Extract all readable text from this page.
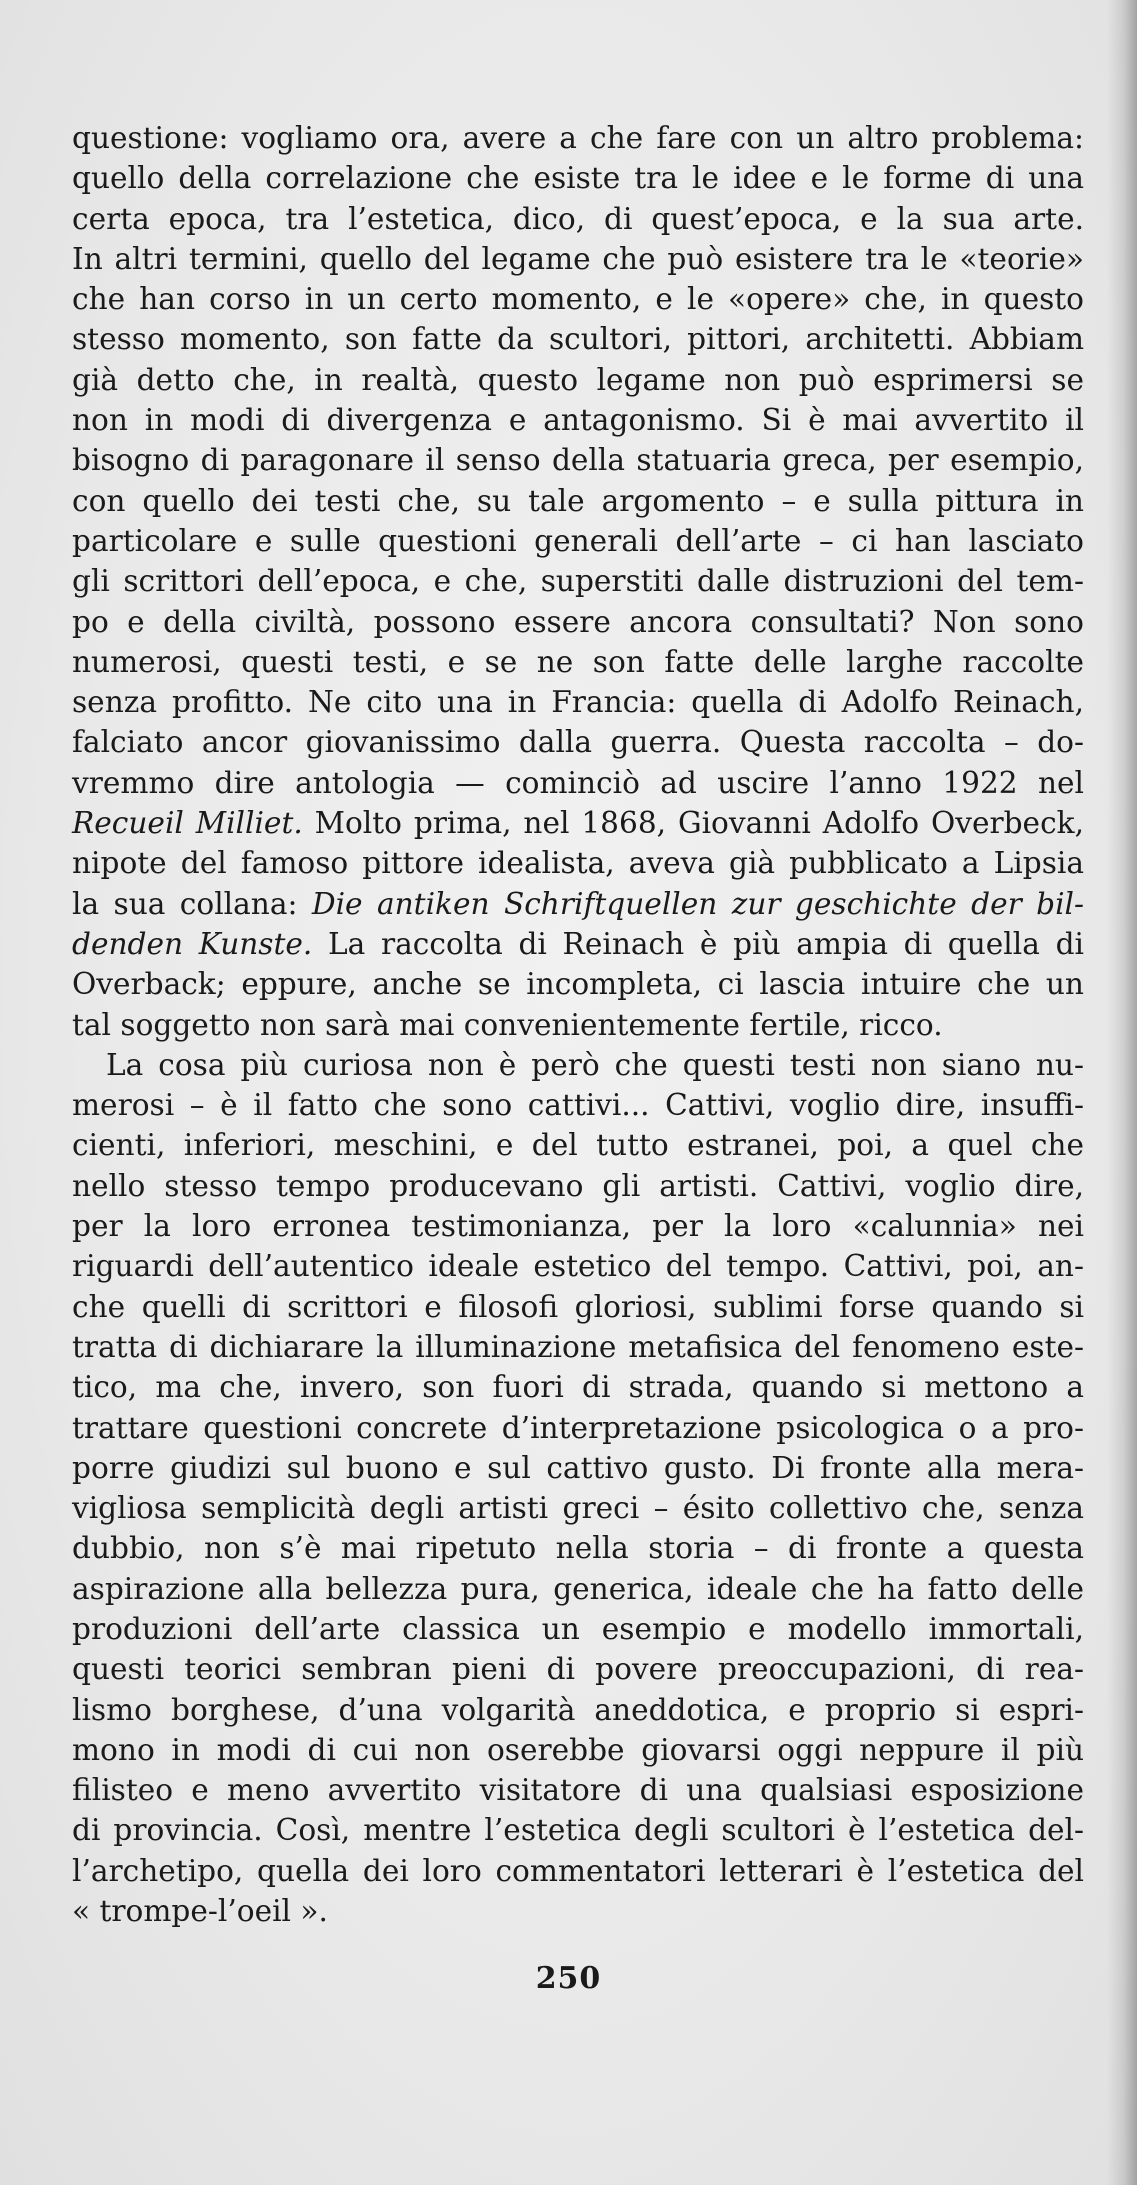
questione: vogliamo ora, avere a che fare con un altro problema:
quello della correlazione che esiste tra le idee e le forme di una
certa epoca, tra l’estetica, dico, di quest’epoca, e la sua arte.
In altri termini, quello del legame che può esistere tra le «teorie»
che han corso in un certo momento, e le «opere» che, in questo
stesso momento, son fatte da scultori, pittori, architetti. Abbiam
già detto che, in realtà, questo legame non può esprimersi se
non in modi di divergenza e antagonismo. Si è mai avvertito il
bisogno di paragonare il senso della statuaria greca, per esempio,
con quello dei testi che, su tale argomento – e sulla pittura in
particolare e sulle questioni generali dell’arte – ci han lasciato
gli scrittori dell’epoca, e che, superstiti dalle distruzioni del tem-
po e della civiltà, possono essere ancora consultati? Non sono
numerosi, questi testi, e se ne son fatte delle larghe raccolte
senza profitto. Ne cito una in Francia: quella di Adolfo Reinach,
falciato ancor giovanissimo dalla guerra. Questa raccolta – do-
vremmo dire antologia — cominciò ad uscire l’anno 1922 nel
Recueil Milliet. Molto prima, nel 1868, Giovanni Adolfo Overbeck,
nipote del famoso pittore idealista, aveva già pubblicato a Lipsia
la sua collana: Die antiken Schriftquellen zur geschichte der bil-
denden Kunste. La raccolta di Reinach è più ampia di quella di
Overback; eppure, anche se incompleta, ci lascia intuire che un
tal soggetto non sarà mai convenientemente fertile, ricco.
La cosa più curiosa non è però che questi testi non siano nu-
merosi – è il fatto che sono cattivi... Cattivi, voglio dire, insuffi-
cienti, inferiori, meschini, e del tutto estranei, poi, a quel che
nello stesso tempo producevano gli artisti. Cattivi, voglio dire,
per la loro erronea testimonianza, per la loro «calunnia» nei
riguardi dell’autentico ideale estetico del tempo. Cattivi, poi, an-
che quelli di scrittori e filosofi gloriosi, sublimi forse quando si
tratta di dichiarare la illuminazione metafisica del fenomeno este-
tico, ma che, invero, son fuori di strada, quando si mettono a
trattare questioni concrete d’interpretazione psicologica o a pro-
porre giudizi sul buono e sul cattivo gusto. Di fronte alla mera-
vigliosa semplicità degli artisti greci – ésito collettivo che, senza
dubbio, non s’è mai ripetuto nella storia – di fronte a questa
aspirazione alla bellezza pura, generica, ideale che ha fatto delle
produzioni dell’arte classica un esempio e modello immortali,
questi teorici sembran pieni di povere preoccupazioni, di rea-
lismo borghese, d’una volgarità aneddotica, e proprio si espri-
mono in modi di cui non oserebbe giovarsi oggi neppure il più
filisteo e meno avvertito visitatore di una qualsiasi esposizione
di provincia. Così, mentre l’estetica degli scultori è l’estetica del-
l’archetipo, quella dei loro commentatori letterari è l’estetica del
« trompe-l’oeil ».
250
